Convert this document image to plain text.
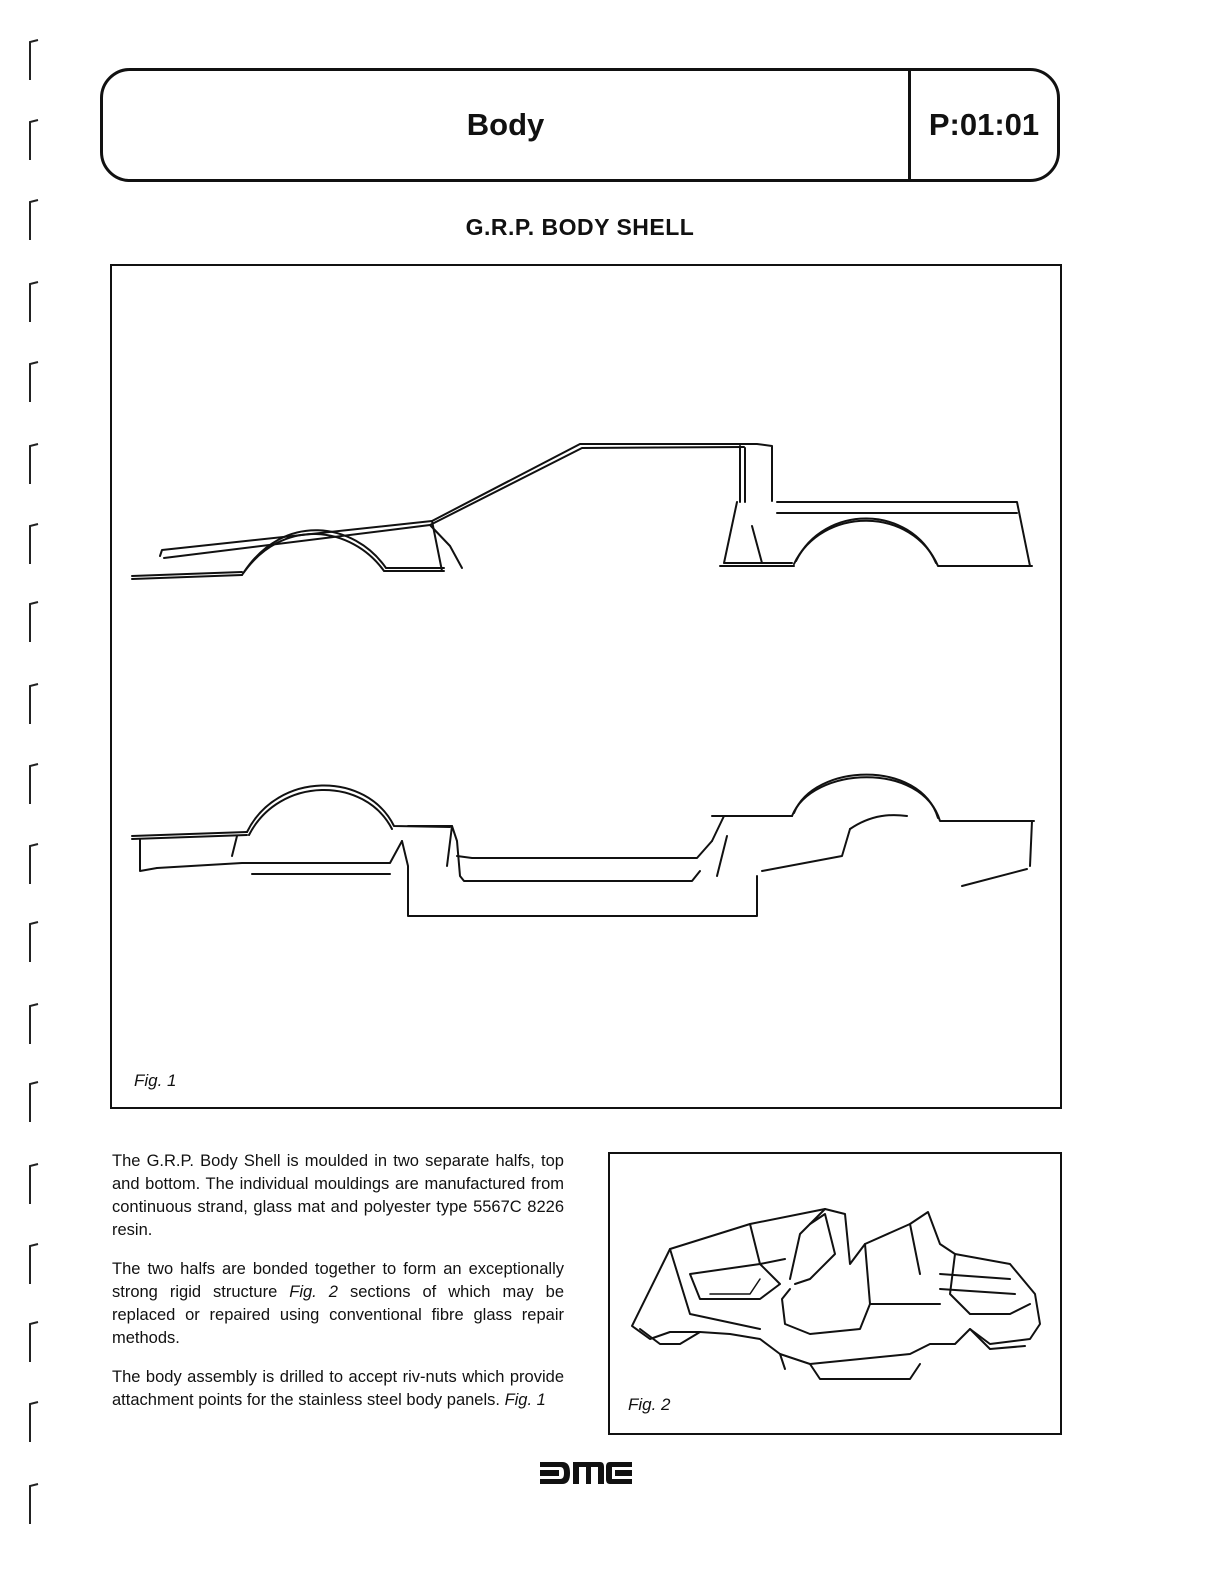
Body	P:01:01
G.R.P. BODY SHELL
Fig. 1

The G.R.P. Body Shell is moulded in two separate halfs, top and bottom. The individual mouldings are manufactured from continuous strand, glass mat and polyester type 5567C 8226 resin.

The two halfs are bonded together to form an exceptionally strong rigid structure Fig. 2 sections of which may be replaced or repaired using conventional fibre glass repair methods.

The body assembly is drilled to accept riv-nuts which provide attachment points for the stainless steel body panels. Fig. 1	Fig. 2
